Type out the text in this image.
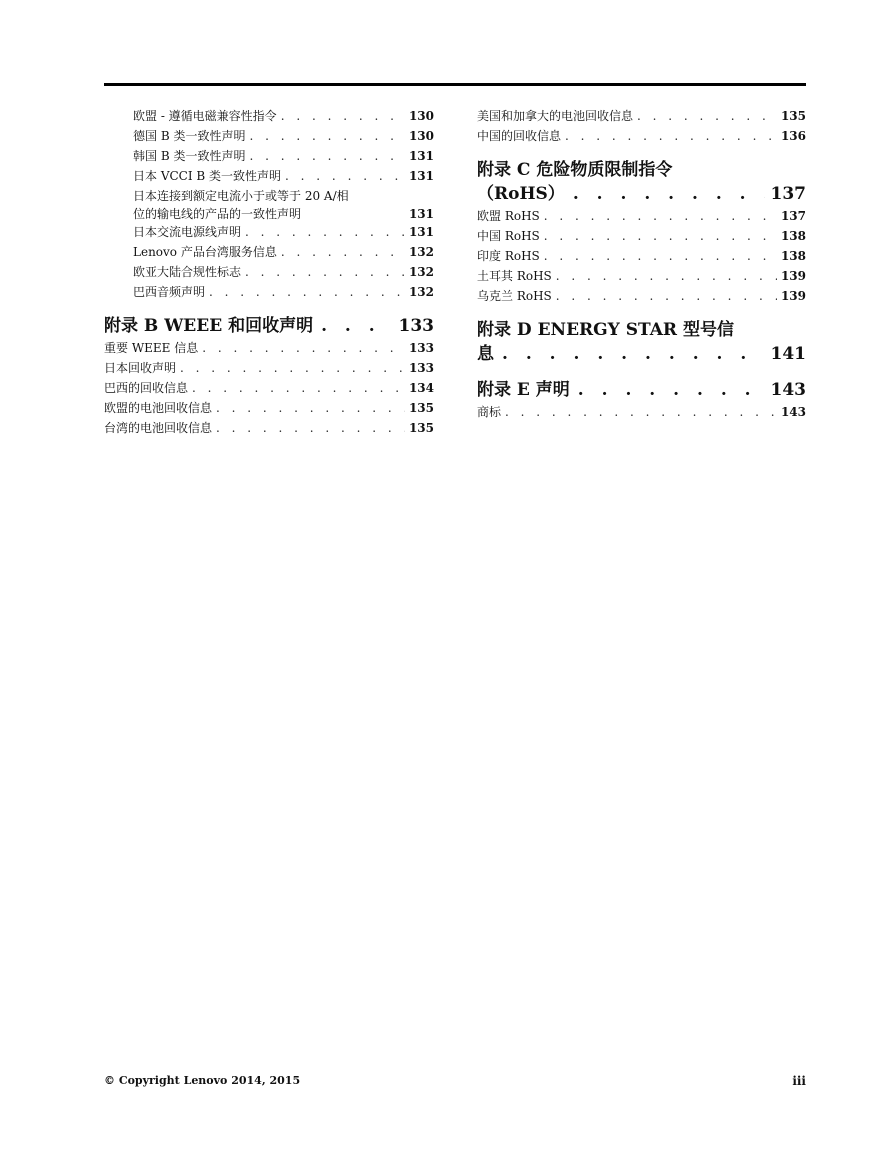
欧盟 - 遵循电磁兼容性指令 . . .	130
德国 B 类一致性声明 . . .	130
韩国 B 类一致性声明 . . .	131
日本 VCCI B 类一致性声明 . . .	131
日本连接到额定电流小于或等于 20 A/相
位的输电线的产品的一致性声明	131
日本交流电源线声明 . . .	131
Lenovo 产品台湾服务信息 . . .	132
欧亚大陆合规性标志 . . .	132
巴西音频声明 . . .	132
附录 B WEEE 和回收声明 . . .	133
重要 WEEE 信息 . . .	133
日本回收声明 . . .	133
巴西的回收信息 . . .	134
欧盟的电池回收信息 . . .	135
台湾的电池回收信息 . . .	135
美国和加拿大的电池回收信息 . . .	135
中国的回收信息 . . .	136
附录 C 危险物质限制指令
（RoHS） . . .	137
欧盟 RoHS . . .	137
中国 RoHS . . .	138
印度 RoHS . . .	138
土耳其 RoHS . . .	139
乌克兰 RoHS . . .	139
附录 D ENERGY STAR 型号信
息 . . .	141
附录 E 声明 . . .	143
商标 . . .	143
© Copyright Lenovo 2014, 2015	iii
